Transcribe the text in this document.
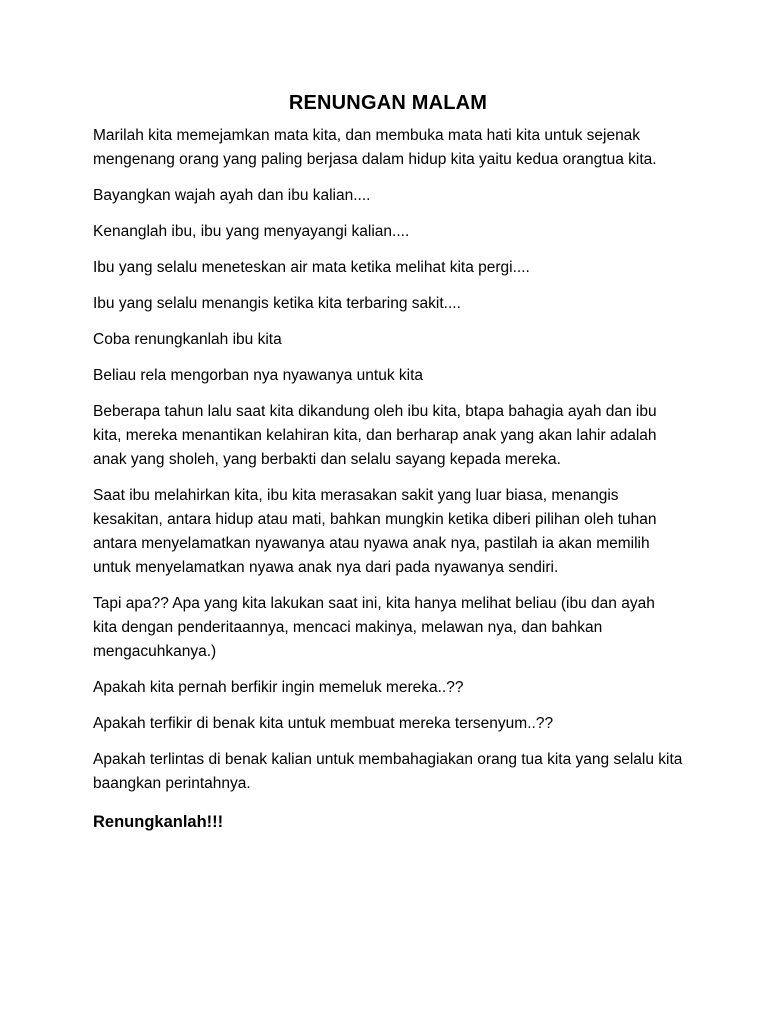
RENUNGAN MALAM

Marilah kita memejamkan mata kita, dan membuka mata hati kita untuk sejenak mengenang orang yang paling berjasa dalam hidup kita yaitu kedua orangtua kita.

Bayangkan wajah ayah dan ibu kalian....

Kenanglah ibu, ibu yang menyayangi kalian....

Ibu yang selalu meneteskan air mata ketika melihat kita pergi....

Ibu yang selalu menangis ketika kita terbaring sakit....

Coba renungkanlah ibu kita

Beliau rela mengorban nya nyawanya untuk kita

Beberapa tahun lalu saat kita dikandung oleh ibu kita, btapa bahagia ayah dan ibu kita, mereka menantikan kelahiran kita, dan berharap anak yang akan lahir adalah anak yang sholeh, yang berbakti dan selalu sayang kepada mereka.

Saat ibu melahirkan kita, ibu kita merasakan sakit yang luar biasa, menangis kesakitan, antara hidup atau mati, bahkan mungkin ketika diberi pilihan oleh tuhan antara menyelamatkan nyawanya atau nyawa anak nya, pastilah ia akan memilih untuk menyelamatkan nyawa anak nya dari pada nyawanya sendiri.

Tapi apa?? Apa yang kita lakukan saat ini, kita hanya melihat beliau (ibu dan ayah kita dengan penderitaannya, mencaci makinya, melawan nya, dan bahkan mengacuhkanya.)

Apakah kita pernah berfikir ingin memeluk mereka..??

Apakah terfikir di benak kita untuk membuat mereka tersenyum..??

Apakah terlintas di benak kalian untuk membahagiakan orang tua kita yang selalu kita baangkan perintahnya.

Renungkanlah!!!
